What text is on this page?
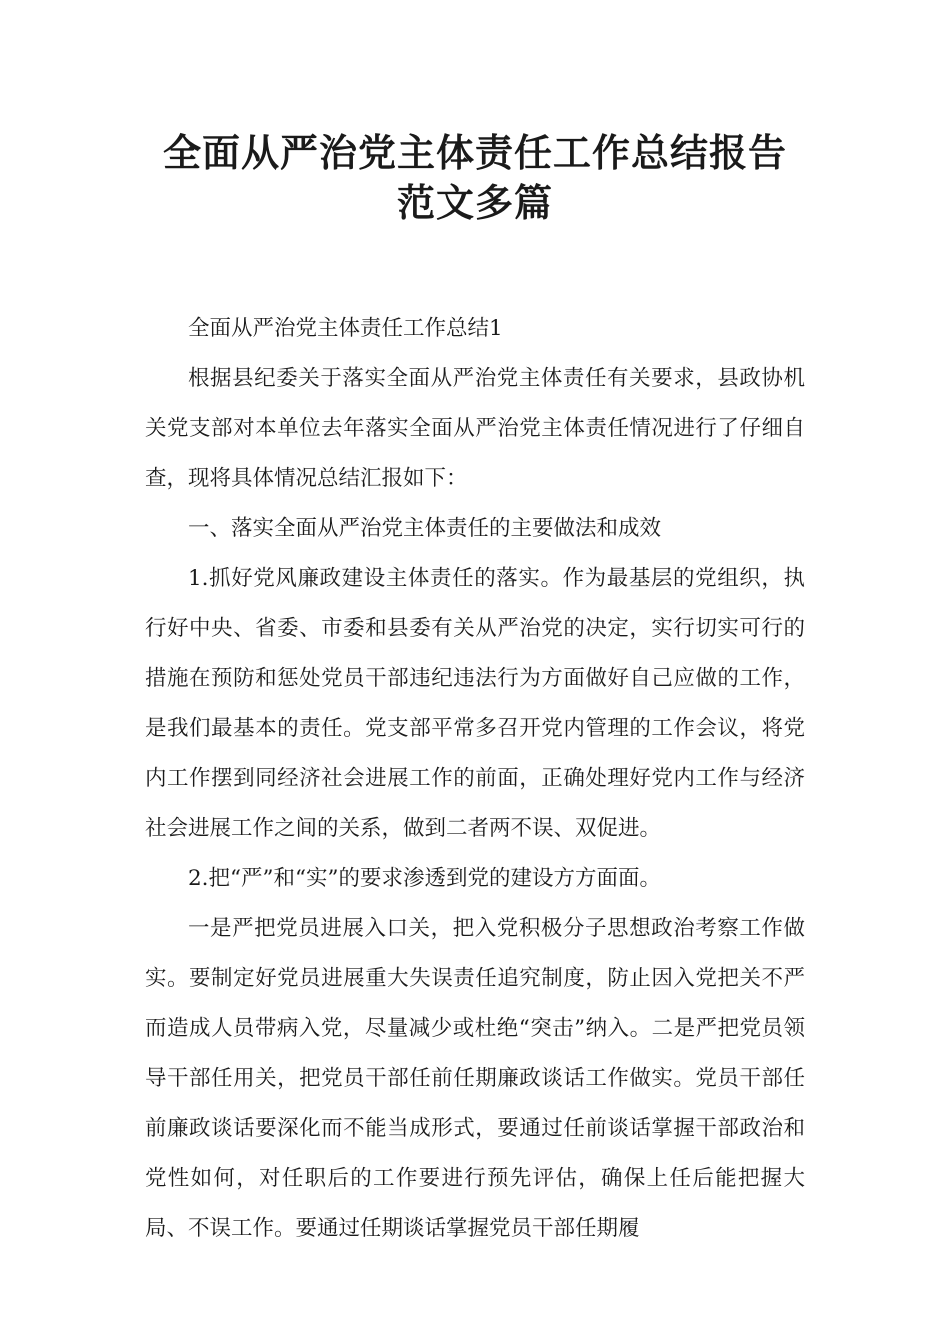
全面从严治党主体责任工作总结报告范文多篇

全面从严治党主体责任工作总结1

根据县纪委关于落实全面从严治党主体责任有关要求，县政协机关党支部对本单位去年落实全面从严治党主体责任情况进行了仔细自查，现将具体情况总结汇报如下：

一、落实全面从严治党主体责任的主要做法和成效

1.抓好党风廉政建设主体责任的落实。作为最基层的党组织，执行好中央、省委、市委和县委有关从严治党的决定，实行切实可行的措施在预防和惩处党员干部违纪违法行为方面做好自己应做的工作，是我们最基本的责任。党支部平常多召开党内管理的工作会议，将党内工作摆到同经济社会进展工作的前面，正确处理好党内工作与经济社会进展工作之间的关系，做到二者两不误、双促进。

2.把“严”和“实”的要求渗透到党的建设方方面面。

一是严把党员进展入口关，把入党积极分子思想政治考察工作做实。要制定好党员进展重大失误责任追究制度，防止因入党把关不严而造成人员带病入党，尽量减少或杜绝“突击”纳入。二是严把党员领导干部任用关，把党员干部任前任期廉政谈话工作做实。党员干部任前廉政谈话要深化而不能当成形式，要通过任前谈话掌握干部政治和党性如何，对任职后的工作要进行预先评估，确保上任后能把握大局、不误工作。要通过任期谈话掌握党员干部任期履
